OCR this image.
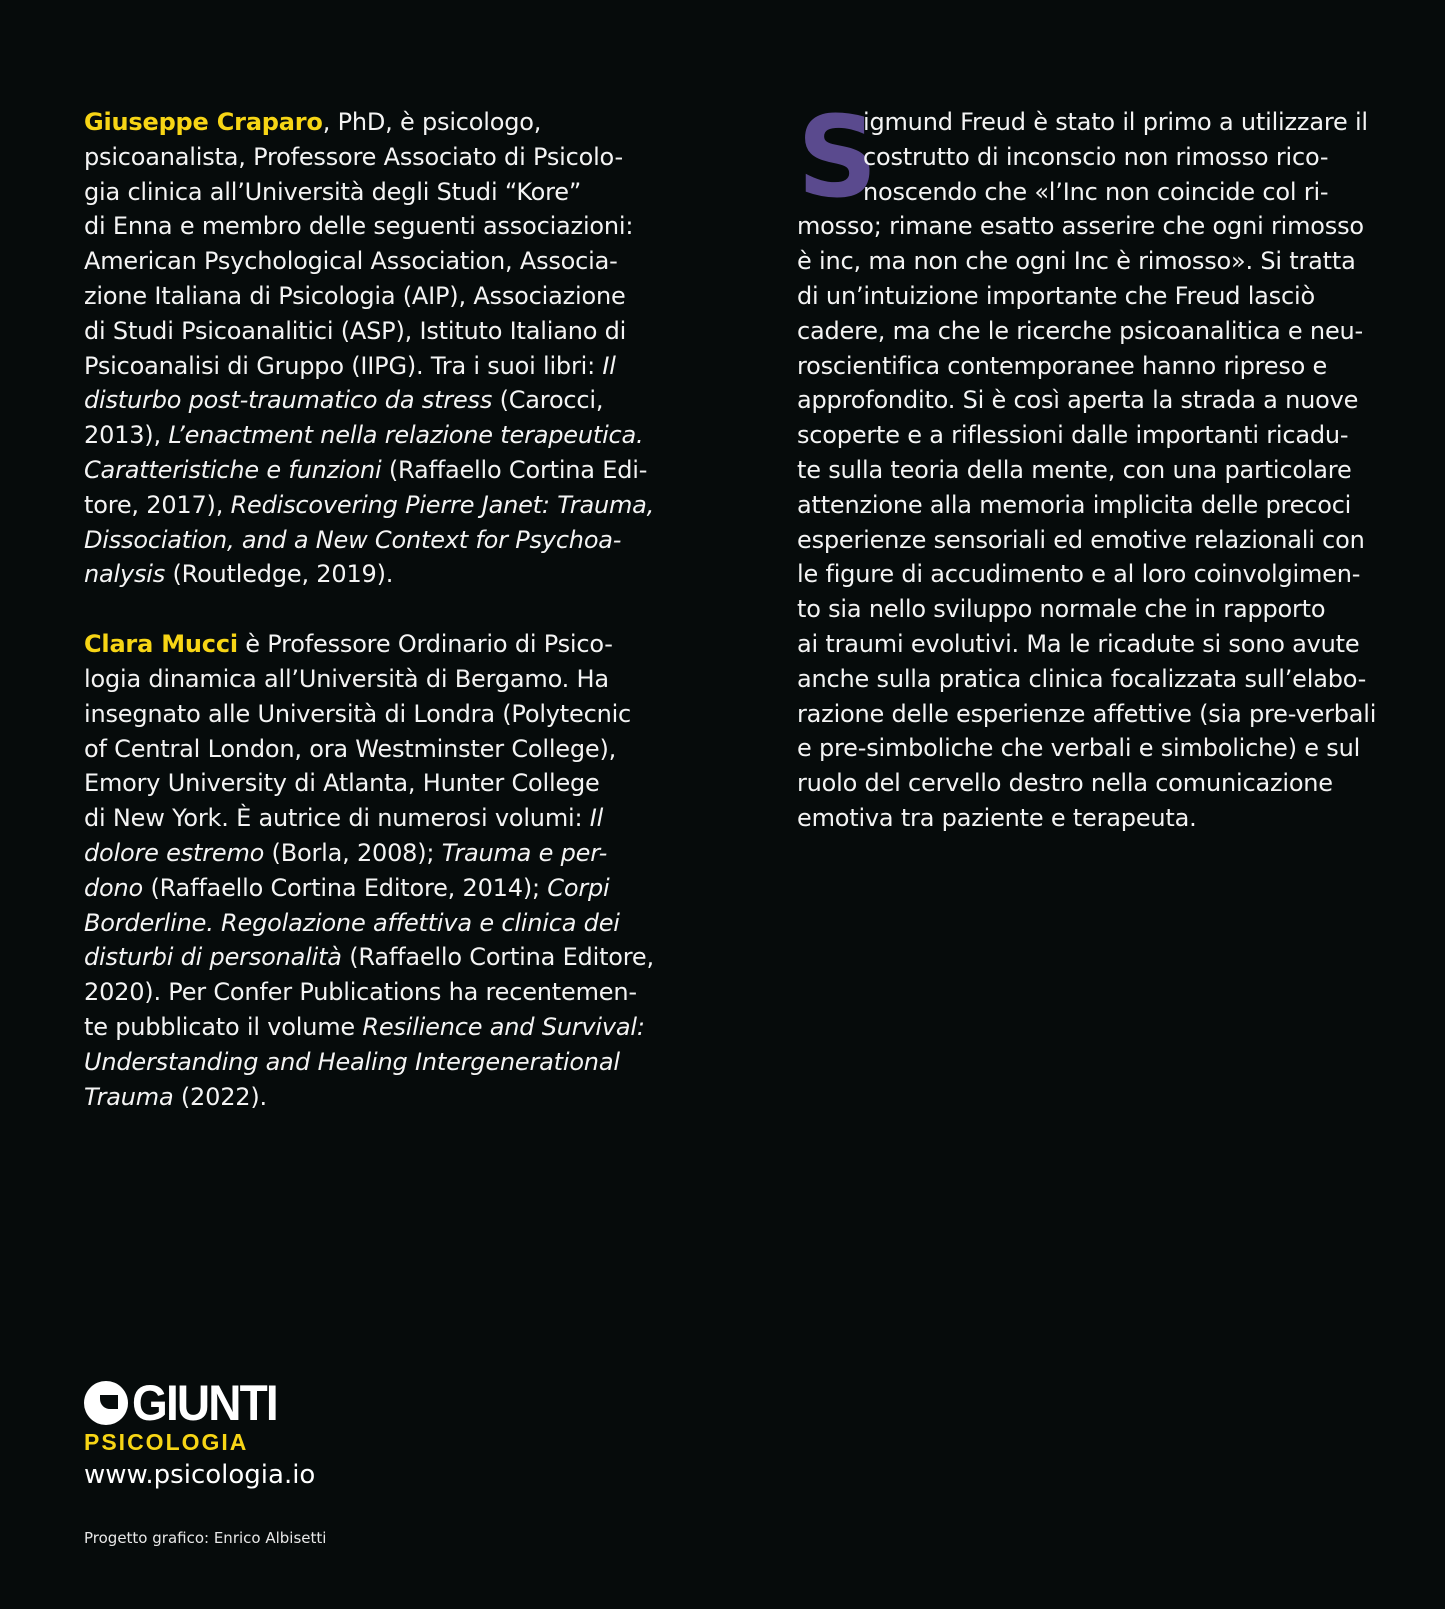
Giuseppe Craparo, PhD, è psicologo,
psicoanalista, Professore Associato di Psicolo-
gia clinica all’Università degli Studi “Kore”
di Enna e membro delle seguenti associazioni:
American Psychological Association, Associa-
zione Italiana di Psicologia (AIP), Associazione
di Studi Psicoanalitici (ASP), Istituto Italiano di
Psicoanalisi di Gruppo (IIPG). Tra i suoi libri: Il
disturbo post-traumatico da stress (Carocci,
2013), L’enactment nella relazione terapeutica.
Caratteristiche e funzioni (Raffaello Cortina Edi-
tore, 2017), Rediscovering Pierre Janet: Trauma,
Dissociation, and a New Context for Psychoa-
nalysis (Routledge, 2019).
Clara Mucci è Professore Ordinario di Psico-
logia dinamica all’Università di Bergamo. Ha
insegnato alle Università di Londra (Polytecnic
of Central London, ora Westminster College),
Emory University di Atlanta, Hunter College
di New York. È autrice di numerosi volumi: Il
dolore estremo (Borla, 2008); Trauma e per-
dono (Raffaello Cortina Editore, 2014); Corpi
Borderline. Regolazione affettiva e clinica dei
disturbi di personalità (Raffaello Cortina Editore,
2020). Per Confer Publications ha recentemen-
te pubblicato il volume Resilience and Survival:
Understanding and Healing Intergenerational
Trauma (2022).
S
igmund Freud è stato il primo a utilizzare il
costrutto di inconscio non rimosso rico-
noscendo che «l’Inc non coincide col ri-
mosso; rimane esatto asserire che ogni rimosso
è inc, ma non che ogni Inc è rimosso». Si tratta
di un’intuizione importante che Freud lasciò
cadere, ma che le ricerche psicoanalitica e neu-
roscientifica contemporanee hanno ripreso e
approfondito. Si è così aperta la strada a nuove
scoperte e a riflessioni dalle importanti ricadu-
te sulla teoria della mente, con una particolare
attenzione alla memoria implicita delle precoci
esperienze sensoriali ed emotive relazionali con
le figure di accudimento e al loro coinvolgimen-
to sia nello sviluppo normale che in rapporto
ai traumi evolutivi. Ma le ricadute si sono avute
anche sulla pratica clinica focalizzata sull’elabo-
razione delle esperienze affettive (sia pre-verbali
e pre-simboliche che verbali e simboliche) e sul
ruolo del cervello destro nella comunicazione
emotiva tra paziente e terapeuta.
GIUNTI
PSICOLOGIA
www.psicologia.io
Progetto grafico: Enrico Albisetti
